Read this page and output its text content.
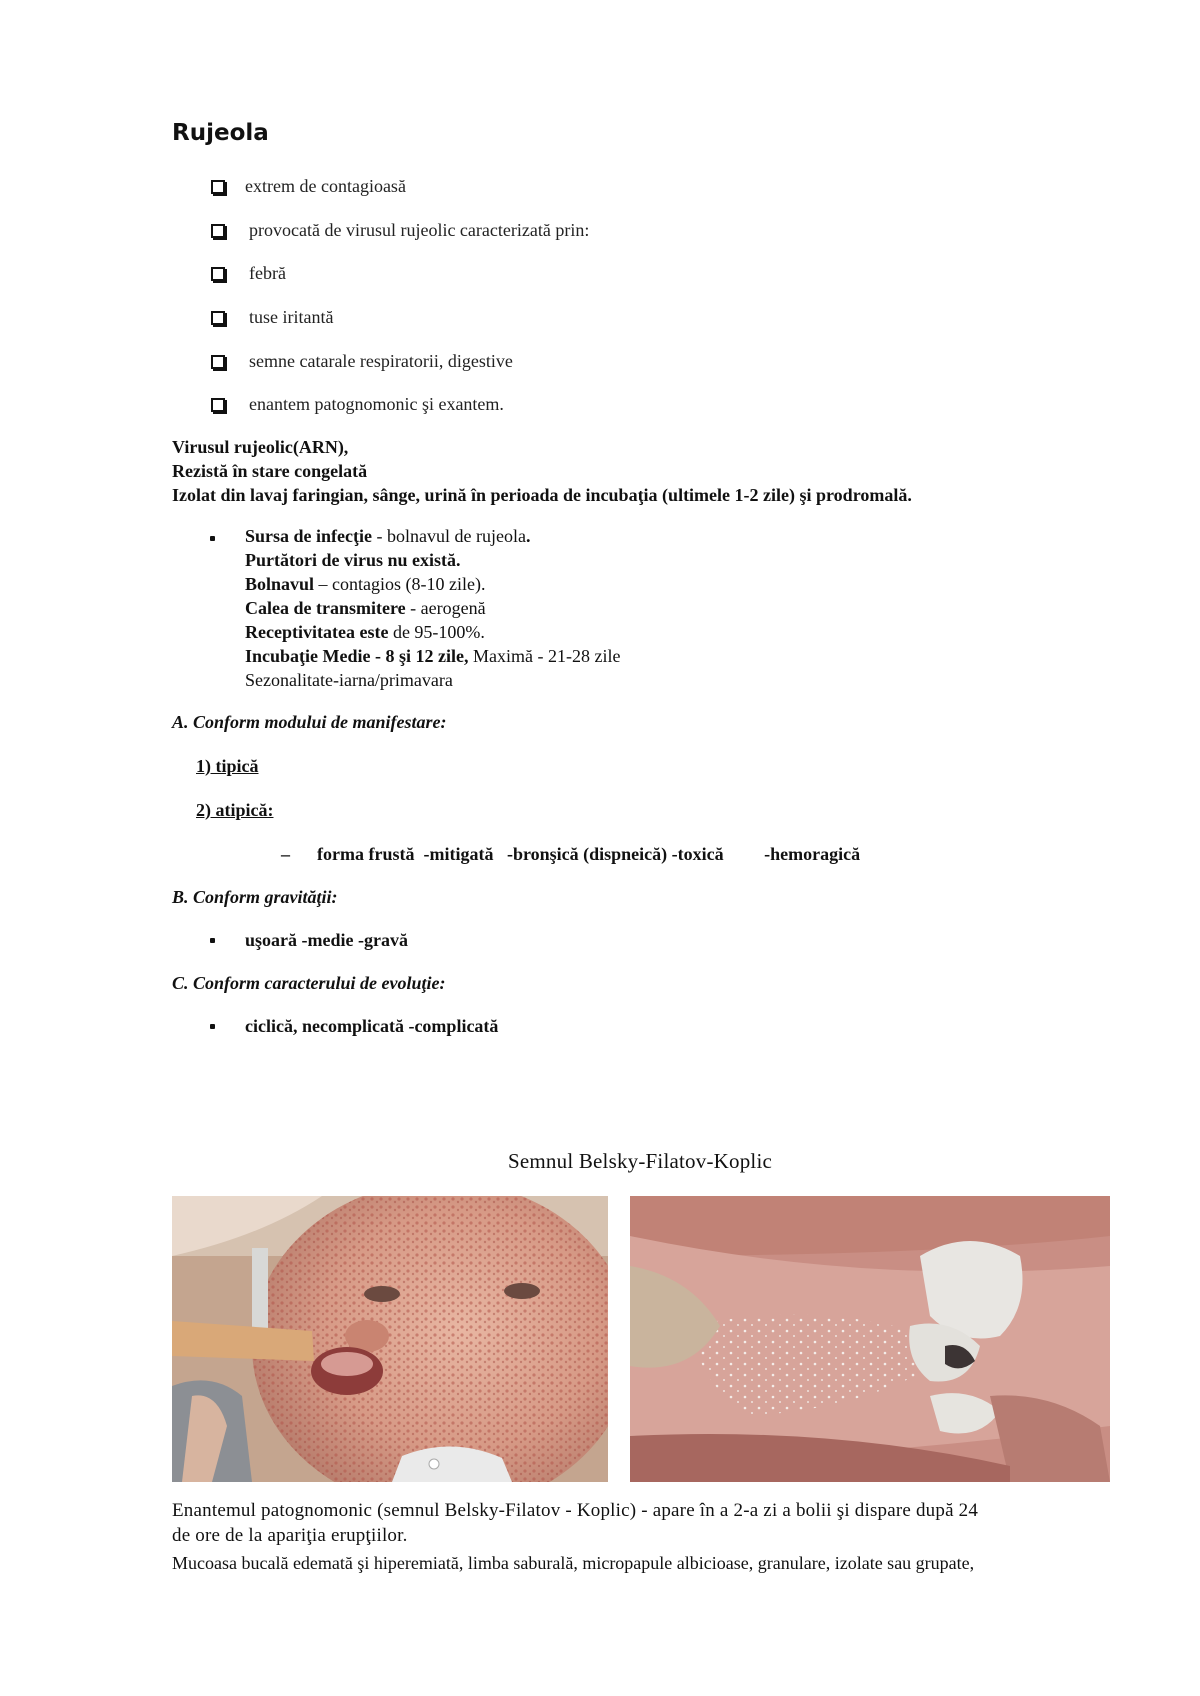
Rujeola
extrem de contagioasă
provocată de virusul rujeolic caracterizată prin:
febră
tuse iritantă
semne catarale respiratorii, digestive
enantem patognomonic şi exantem.
Virusul rujeolic(ARN),
Rezistă în stare congelată
Izolat din lavaj faringian, sânge, urină în perioada de incubaţia (ultimele 1-2 zile) şi prodromală.
Sursa de infecţie - bolnavul de rujeola.
Purtători de virus nu există.
Bolnavul – contagios (8-10 zile).
Calea de transmitere - aerogenă
Receptivitatea este de 95-100%.
Incubaţie Medie - 8 şi 12 zile, Maximă - 21-28 zile
Sezonalitate-iarna/primavara
A. Conform modului de manifestare:
1) tipică
2) atipică:
– forma frustă  -mitigată   -bronşică (dispneică) -toxică         -hemoragică
B. Conform gravităţii:
uşoară -medie -gravă
C. Conform caracterului de evoluţie:
ciclică, necomplicată -complicată
Semnul Belsky-Filatov-Koplic
Enantemul patognomonic (semnul Belsky-Filatov - Koplic) - apare în a 2-a zi a bolii şi dispare după 24
de ore de la apariţia erupţiilor.
Mucoasa bucală edemată şi hiperemiată, limba saburală, micropapule albicioase, granulare, izolate sau grupate,
